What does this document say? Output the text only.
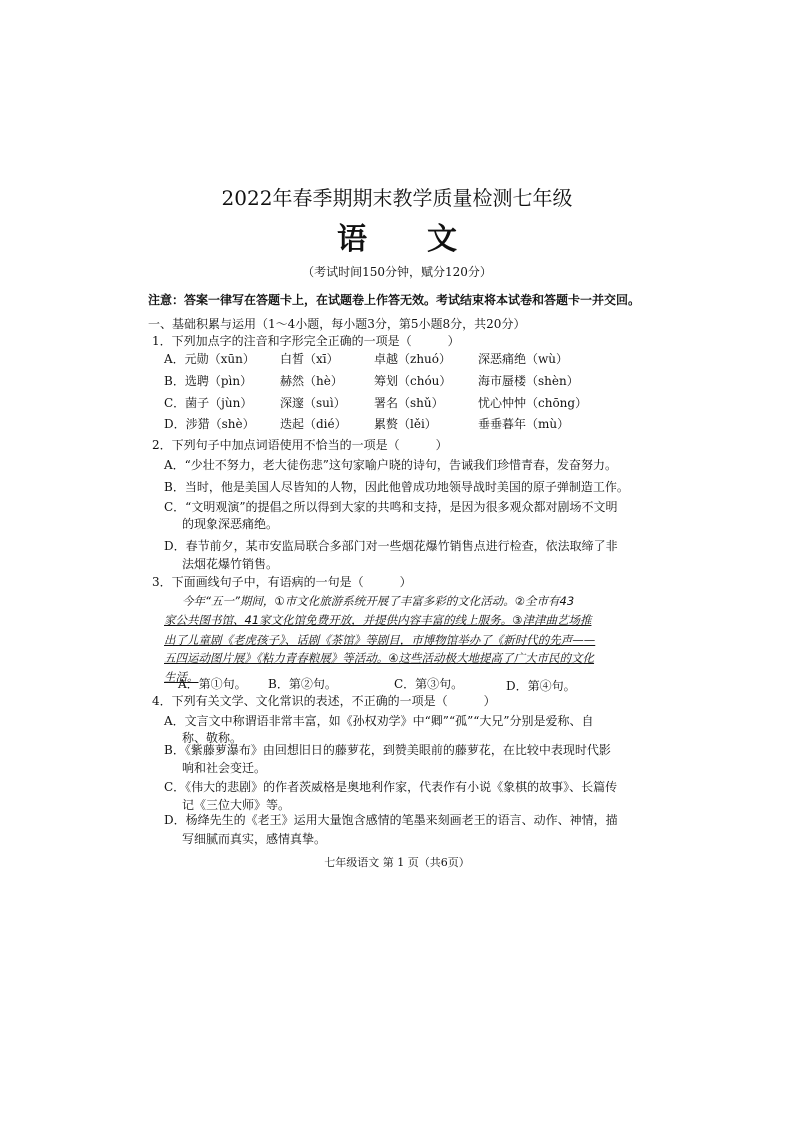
2022年春季期期末教学质量检测七年级
语文
（考试时间150分钟，赋分120分）
注意：答案一律写在答题卡上，在试题卷上作答无效。考试结束将本试卷和答题卡一并交回。
一、基础积累与运用（1～4小题，每小题3分，第5小题8分，共20分）
1．下列加点字的注音和字形完全正确的一项是（　　　）
A．元勋（xūn） 白皙（xī）	卓越（zhuó） 深恶痛绝（wù）
B．选聘（pìn） 赫然（hè）	筹划（chóu） 海市蜃楼（shèn）
C．菌子（jùn） 深邃（suì） 署名（shǔ）	忧心忡忡（chōng）
D．涉猎（shè） 迭起（dié） 累赘（lěi）	垂垂暮年（mù）
2．下列句子中加点词语使用不恰当的一项是（　　　）
A．“少壮不努力，老大徒伤悲”这句家喻户晓的诗句，告诫我们珍惜青春，发奋努力。
B．当时，他是美国人尽皆知的人物，因此他曾成功地领导战时美国的原子弹制造工作。
C．“文明观演”的提倡之所以得到大家的共鸣和支持，是因为很多观众都对剧场不文明
的现象深恶痛绝。
D．春节前夕，某市安监局联合多部门对一些烟花爆竹销售点进行检查，依法取缔了非
法烟花爆竹销售。
3．下面画线句子中，有语病的一句是（　　　）
今年“五一”期间，①市文化旅游系统开展了丰富多彩的文化活动。②全市有43
家公共图书馆、41家文化馆免费开放，并提供内容丰富的线上服务。③津津曲艺场推
出了儿童剧《老虎孩子》、话剧《茶馆》等剧目，市博物馆举办了《新时代的先声——
五四运动图片展》《粘力青春粮展》等活动。④这些活动极大地提高了广大市民的文化
生活。
A．第①句。 B．第②句。	C．第③句。	D．第④句。
4．下列有关文学、文化常识的表述，不正确的一项是（　　　）
A．文言文中称谓语非常丰富，如《孙权劝学》中“卿”“孤”“大兄”分别是爱称、自
称、敬称。
B．《紫藤萝瀑布》由回想旧日的藤萝花，到赞美眼前的藤萝花，在比较中表现时代影
响和社会变迁。
C．《伟大的悲剧》的作者茨威格是奥地利作家，代表作有小说《象棋的故事》、长篇传
记《三位大师》等。
D．杨绛先生的《老王》运用大量饱含感情的笔墨来刻画老王的语言、动作、神情，描
写细腻而真实，感情真挚。
七年级语文 第 1 页（共6页）
